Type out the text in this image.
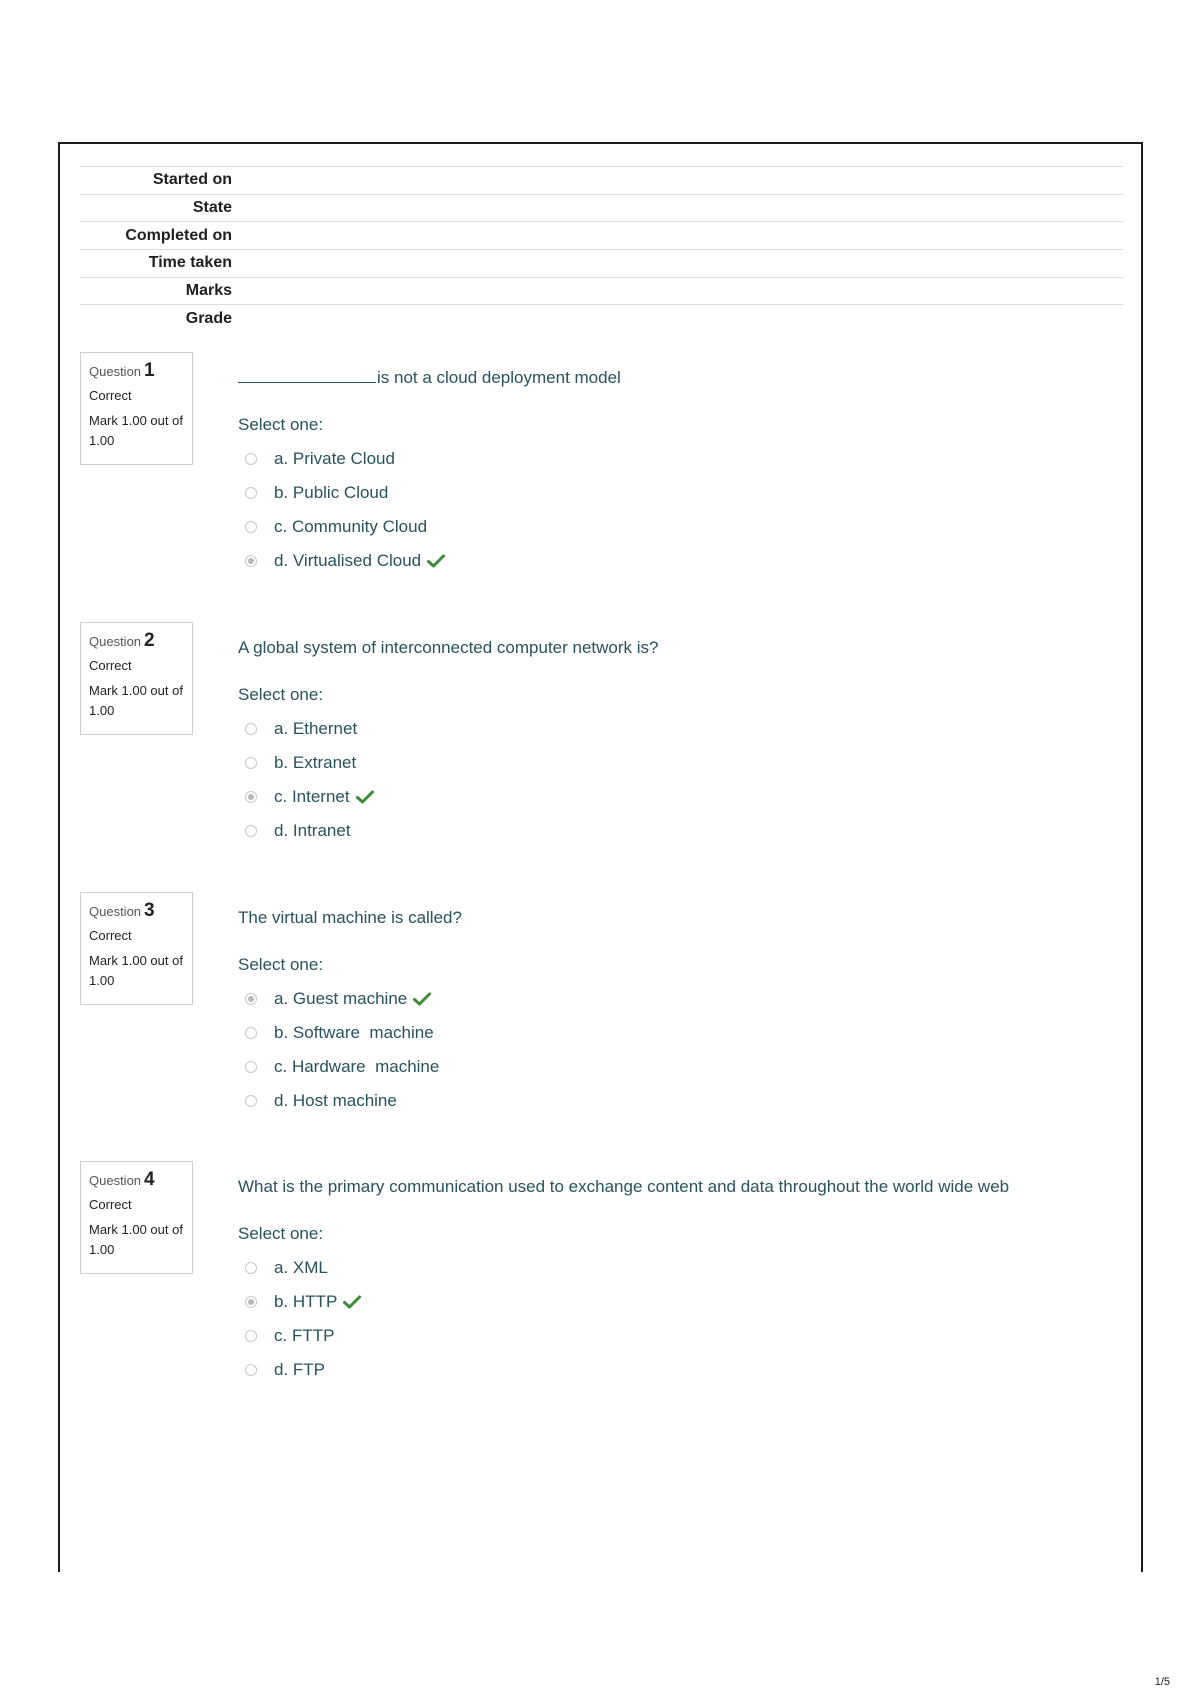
Started on
State
Completed on
Time taken
Marks
Grade
Question 1
Correct
Mark 1.00 out of 1.00
is not a cloud deployment model
Select one:
a. Private Cloud
b. Public Cloud
c. Community Cloud
d. Virtualised Cloud
Question 2
Correct
Mark 1.00 out of 1.00
A global system of interconnected computer network is?
Select one:
a. Ethernet
b. Extranet
c. Internet
d. Intranet
Question 3
Correct
Mark 1.00 out of 1.00
The virtual machine is called?
Select one:
a. Guest machine
b. Software  machine
c. Hardware  machine
d. Host machine
Question 4
Correct
Mark 1.00 out of 1.00
What is the primary communication used to exchange content and data throughout the world wide web
Select one:
a. XML
b. HTTP
c. FTTP
d. FTP
1/5
